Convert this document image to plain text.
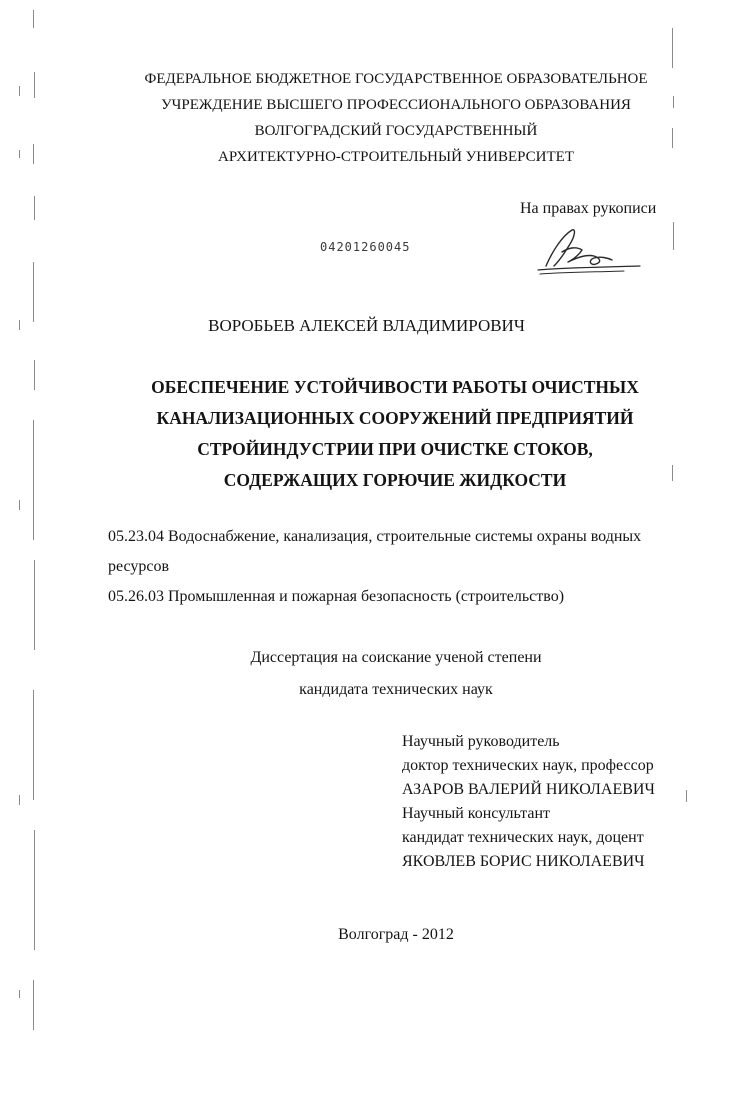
ФЕДЕРАЛЬНОЕ БЮДЖЕТНОЕ ГОСУДАРСТВЕННОЕ ОБРАЗОВАТЕЛЬНОЕ
УЧРЕЖДЕНИЕ ВЫСШЕГО ПРОФЕССИОНАЛЬНОГО ОБРАЗОВАНИЯ
ВОЛГОГРАДСКИЙ ГОСУДАРСТВЕННЫЙ
АРХИТЕКТУРНО-СТРОИТЕЛЬНЫЙ УНИВЕРСИТЕТ
На правах рукописи
04201260045
ВОРОБЬЕВ АЛЕКСЕЙ ВЛАДИМИРОВИЧ
ОБЕСПЕЧЕНИЕ УСТОЙЧИВОСТИ РАБОТЫ ОЧИСТНЫХ
КАНАЛИЗАЦИОННЫХ СООРУЖЕНИЙ ПРЕДПРИЯТИЙ
СТРОЙИНДУСТРИИ ПРИ ОЧИСТКЕ СТОКОВ,
СОДЕРЖАЩИХ ГОРЮЧИЕ ЖИДКОСТИ
05.23.04 Водоснабжение, канализация, строительные системы охраны водных
ресурсов
05.26.03 Промышленная и пожарная безопасность (строительство)
Диссертация на соискание ученой степени
кандидата технических наук
Научный руководитель
доктор технических наук, профессор
АЗАРОВ ВАЛЕРИЙ НИКОЛАЕВИЧ
Научный консультант
кандидат технических наук, доцент
ЯКОВЛЕВ БОРИС НИКОЛАЕВИЧ
Волгоград - 2012
